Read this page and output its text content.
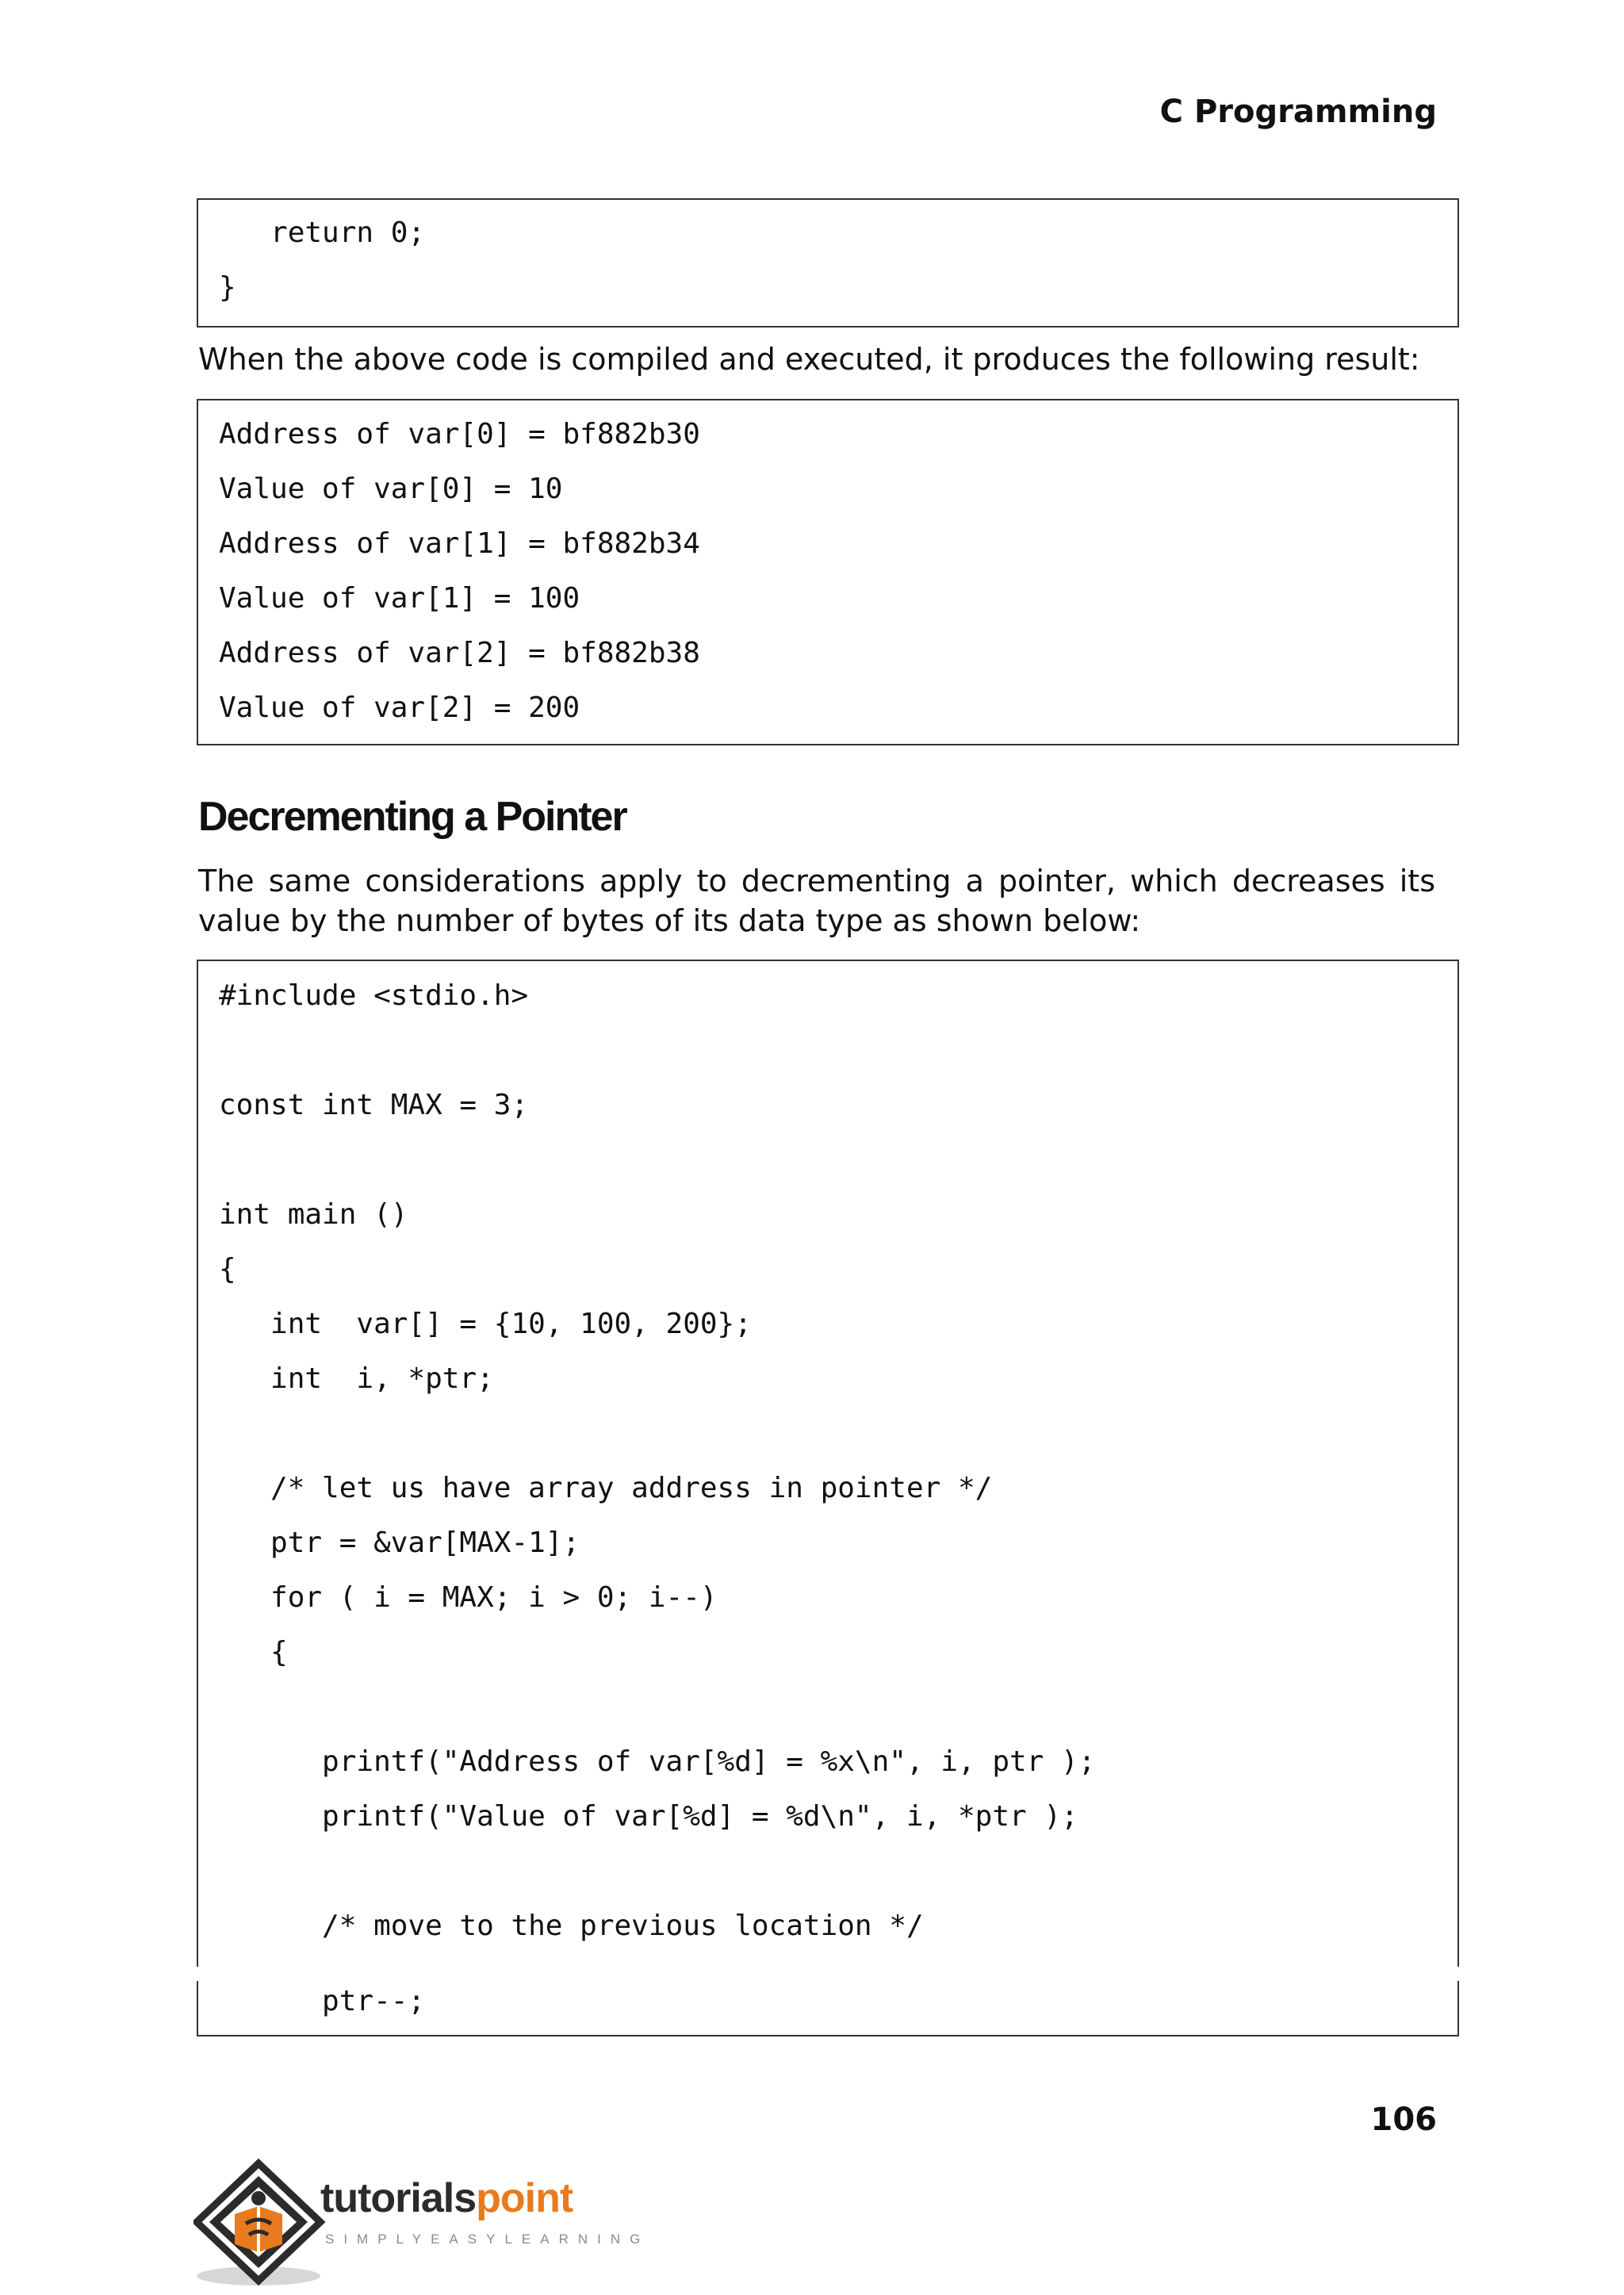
C Programming
return 0;
}
When the above code is compiled and executed, it produces the following result:
Address of var[0] = bf882b30
Value of var[0] = 10
Address of var[1] = bf882b34
Value of var[1] = 100
Address of var[2] = bf882b38
Value of var[2] = 200
Decrementing a Pointer
The same considerations apply to decrementing a pointer, which decreases its value by the number of bytes of its data type as shown below:
#include <stdio.h>
const int MAX = 3;
int main ()
{
int  var[] = {10, 100, 200};
int  i, *ptr;
/* let us have array address in pointer */
ptr = &var[MAX-1];
for ( i = MAX; i > 0; i--)
{
printf("Address of var[%d] = %x\n", i, ptr );
printf("Value of var[%d] = %d\n", i, *ptr );
/* move to the previous location */
ptr--;
106
tutorialspoint
SIMPLYEASYLEARNING
